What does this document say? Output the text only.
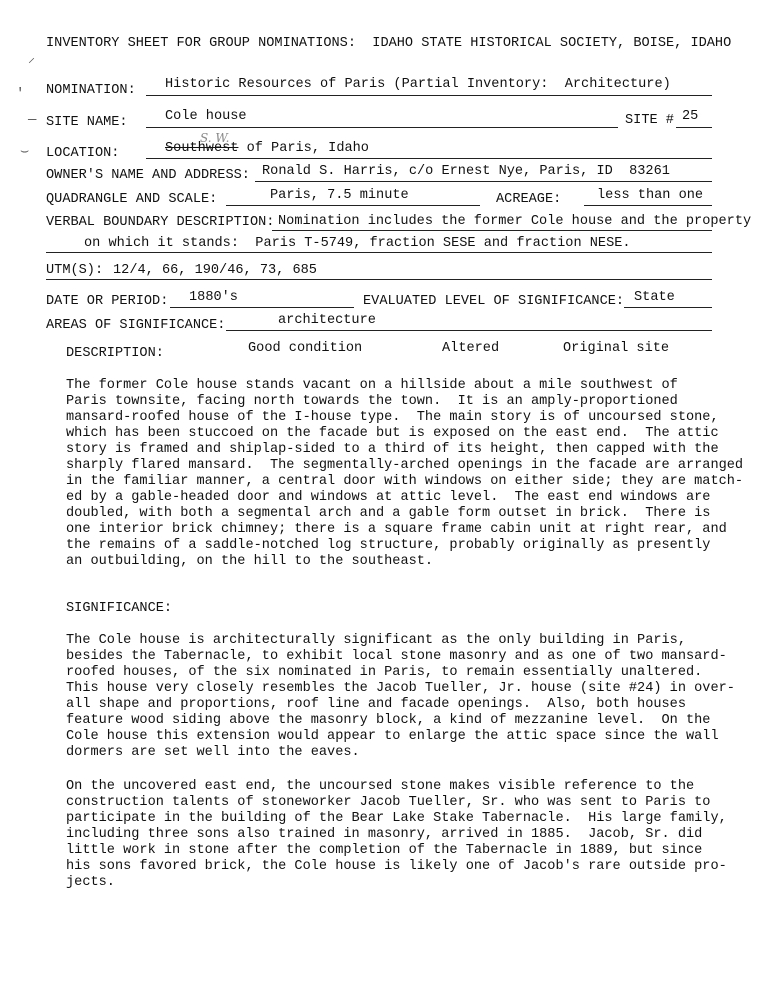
⸝
'
—
⌣
INVENTORY SHEET FOR GROUP NOMINATIONS:  IDAHO STATE HISTORICAL SOCIETY, BOISE, IDAHO
NOMINATION: Historic Resources of Paris (Partial Inventory:  Architecture)
SITE NAME:	Cole house	SITE # 25
LOCATION:
S. W.
Southwest of Paris, Idaho
OWNER'S NAME AND ADDRESS: Ronald S. Harris, c/o Ernest Nye, Paris, ID  83261
QUADRANGLE AND SCALE:	Paris, 7.5 minute	ACREAGE:	less than one
VERBAL BOUNDARY DESCRIPTION: Nomination includes the former Cole house and the property
on which it stands:  Paris T-5749, fraction SESE and fraction NESE.
UTM(S): 12/4, 66, 190/46, 73, 685
DATE OR PERIOD: 1880's	EVALUATED LEVEL OF SIGNIFICANCE: State
AREAS OF SIGNIFICANCE:	architecture
DESCRIPTION:	Good condition	Altered	Original site
The former Cole house stands vacant on a hillside about a mile southwest of
Paris townsite, facing north towards the town.  It is an amply-proportioned
mansard-roofed house of the I-house type.  The main story is of uncoursed stone,
which has been stuccoed on the facade but is exposed on the east end.  The attic
story is framed and shiplap-sided to a third of its height, then capped with the
sharply flared mansard.  The segmentally-arched openings in the facade are arranged
in the familiar manner, a central door with windows on either side; they are match-
ed by a gable-headed door and windows at attic level.  The east end windows are
doubled, with both a segmental arch and a gable form outset in brick.  There is
one interior brick chimney; there is a square frame cabin unit at right rear, and
the remains of a saddle-notched log structure, probably originally as presently
an outbuilding, on the hill to the southeast.
SIGNIFICANCE:
The Cole house is architecturally significant as the only building in Paris,
besides the Tabernacle, to exhibit local stone masonry and as one of two mansard-
roofed houses, of the six nominated in Paris, to remain essentially unaltered.
This house very closely resembles the Jacob Tueller, Jr. house (site #24) in over-
all shape and proportions, roof line and facade openings.  Also, both houses
feature wood siding above the masonry block, a kind of mezzanine level.  On the
Cole house this extension would appear to enlarge the attic space since the wall
dormers are set well into the eaves.
On the uncovered east end, the uncoursed stone makes visible reference to the
construction talents of stoneworker Jacob Tueller, Sr. who was sent to Paris to
participate in the building of the Bear Lake Stake Tabernacle.  His large family,
including three sons also trained in masonry, arrived in 1885.  Jacob, Sr. did
little work in stone after the completion of the Tabernacle in 1889, but since
his sons favored brick, the Cole house is likely one of Jacob's rare outside pro-
jects.
